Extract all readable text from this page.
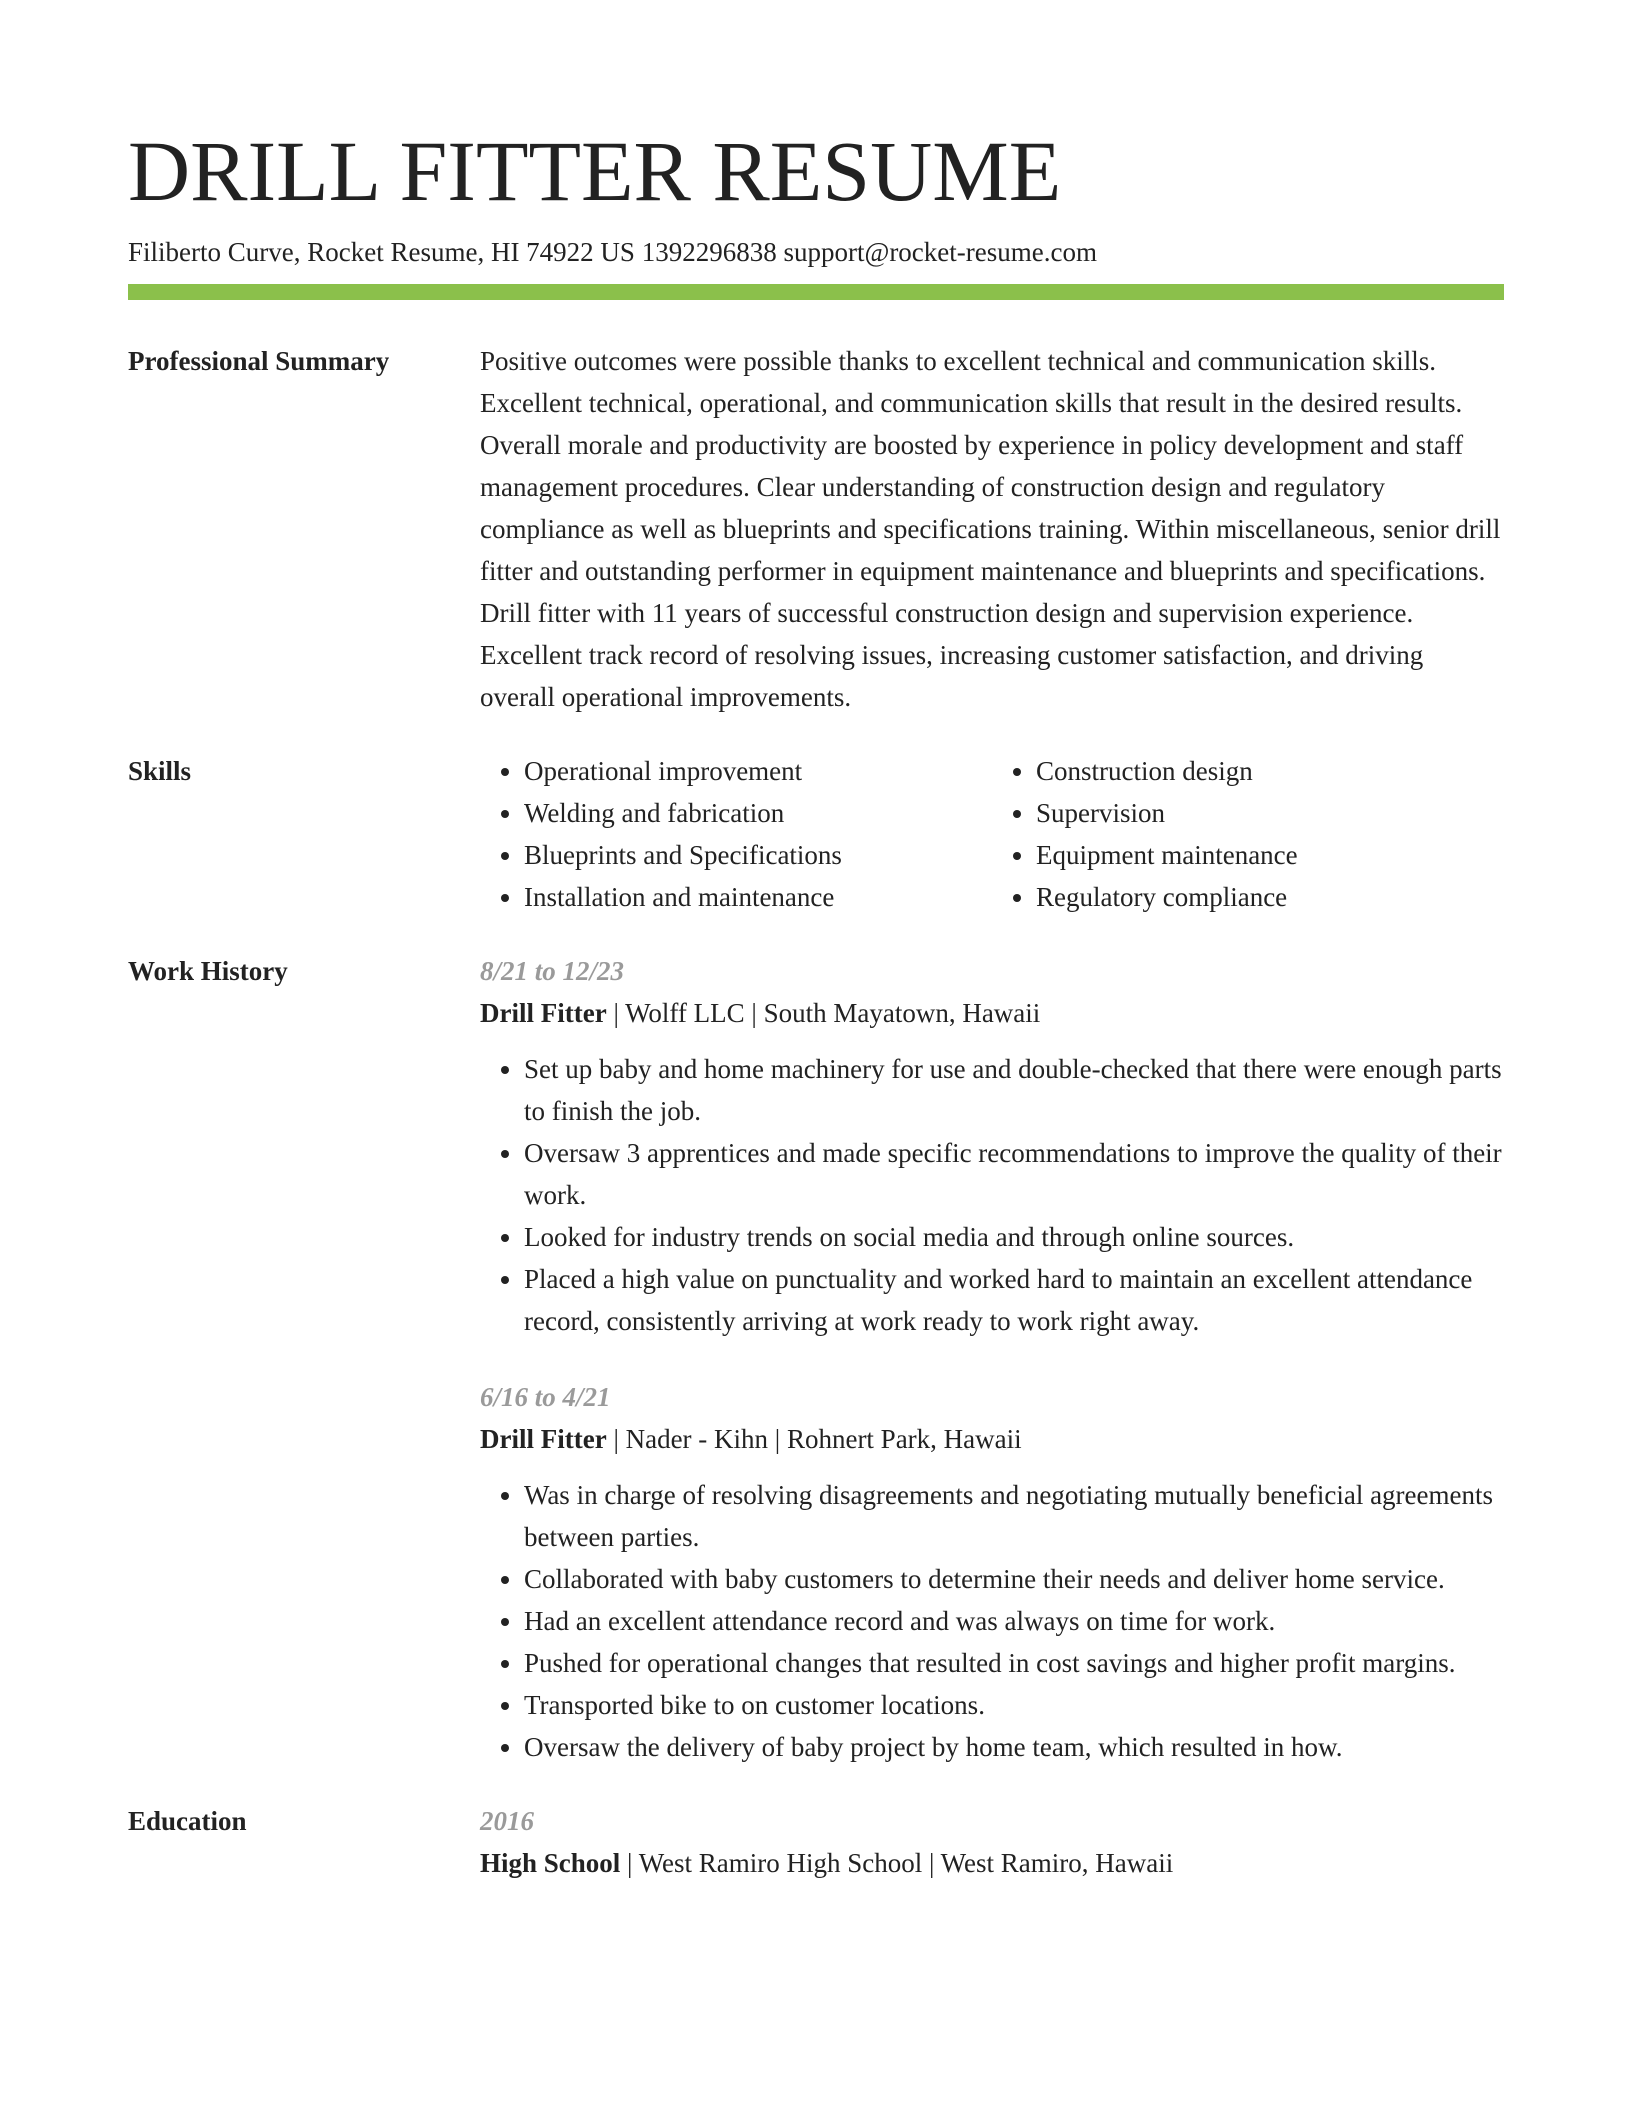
DRILL FITTER RESUME
Filiberto Curve, Rocket Resume, HI 74922 US 1392296838 support@rocket-resume.com
Professional Summary	Positive outcomes were possible thanks to excellent technical and communication skills. Excellent technical, operational, and communication skills that result in the desired results. Overall morale and productivity are boosted by experience in policy development and staff management procedures. Clear understanding of construction design and regulatory compliance as well as blueprints and specifications training. Within miscellaneous, senior drill fitter and outstanding performer in equipment maintenance and blueprints and specifications. Drill fitter with 11 years of successful construction design and supervision experience. Excellent track record of resolving issues, increasing customer satisfaction, and driving overall operational improvements.

Skills
•	Operational improvement
• Welding and fabrication
• Blueprints and Specifications
• Installation and maintenance
• Construction design
• Supervision
• Equipment maintenance
• Regulatory compliance
Work History	8/21 to 12/23
Drill Fitter | Wolff LLC | South Mayatown, Hawaii
• Set up baby and home machinery for use and double-checked that there were enough parts to finish the job.
• Oversaw 3 apprentices and made specific recommendations to improve the quality of their work.
• Looked for industry trends on social media and through online sources.
• Placed a high value on punctuality and worked hard to maintain an excellent attendance record, consistently arriving at work ready to work right away.
6/16 to 4/21
Drill Fitter | Nader - Kihn | Rohnert Park, Hawaii
• Was in charge of resolving disagreements and negotiating mutually beneficial agreements between parties.
• Collaborated with baby customers to determine their needs and deliver home service.
• Had an excellent attendance record and was always on time for work.
• Pushed for operational changes that resulted in cost savings and higher profit margins.
• Transported bike to on customer locations.
• Oversaw the delivery of baby project by home team, which resulted in how.
Education	2016
High School | West Ramiro High School | West Ramiro, Hawaii
